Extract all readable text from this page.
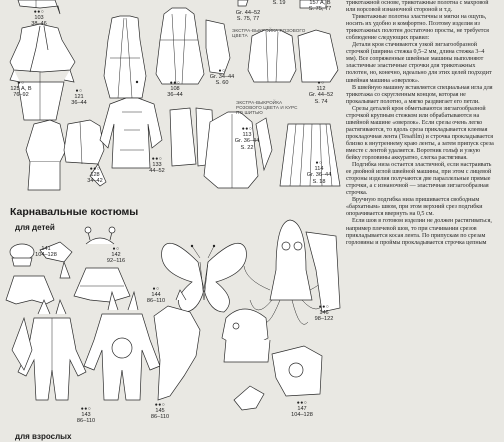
●●○
103
38–46
●○
125 A, B
76–92
●○
121
36–44
●●○
108
36–44
●●○
128
34–42
●●○
133
44–52
S. 19	157 A, B
S. 75, 77
●○
Gr. 34–44
S. 60	●○
112
Gr. 44–52
S. 74
●●○
113
Gr. 36–44
S. 22
●○
114
Gr. 36–44
S. 18
Gr. 44–52
S. 75, 77
ЭКСТРА-ВЫКРОЙКА РОЗОВОГО ЦВЕТА
ЭКСТРА-ВЫКРОЙКА РОЗОВОГО ЦВЕТА И КУРС ПО ШИТЬЮ
Карнавальные костюмы
для детей
для взрослых
141
104–128
●○
142
92–116
●○
144
86–110
●●○
146
98–122
●●○
143
86–110
●●○
145
86–110
●●○
147
104–128

трикотажной основе, трикотажные полотна с махровой или ворсовой изнаночной стороной и т.д.

Трикотажные полотна эластичны и мягки на ощупь, носить их удобно и комфортно. Поэтому изделия из трикотажных полотен достаточно просты, не требуется соблюдение следующих правил:

Детали кроя стачиваются узкой зигзагообразной строчкой (ширина стежка 0,5–2 мм, длина стежка 3–4 мм). Все сопряженные швейные машины выполняют эластичные эластичные строчки для трикотажных полотен, но, конечно, идеально для этих целей подходит швейная машина «оверлок».

В швейную машину вставляется специальная игла для трикотажа со скругленным концом, которая не прокалывает полотно, а мягко раздвигает его петли.

Срезы деталей кроя обметываются зигзагообразной строчкой крупным стежком или обрабатываются на швейной машине «оверлок». Если срезы очень легко растягиваются, то вдоль среза прикладывается клеевая прокладочная лента (Tesafilm) и строчка прокладывается близко к внутреннему краю ленты, а затем припуск среза вместе с лентой удаляется. Воротник гольф и узкую бейку горловины аккуратно, слегка растягивая.

Подгибка низа остается эластичной, если настраивать ее двойной иглой швейной машины, при этом с лицевой стороны изделия получаются две параллельные прямые строчки, а с изнаночной — эластичная зигзагообразная строчка.

Вручную подгибка низа пришивается свободным «бархатным» швом, при этом верхний срез подгибки опорачивается ввернуть на 0,5 см.

Если шов в готовом изделии не должен растягиваться, например плечевой шов, то при стачивании срезов прикладывается косая лента. По припускам по срезам горловины и проймы прокладывается строчка цепным
